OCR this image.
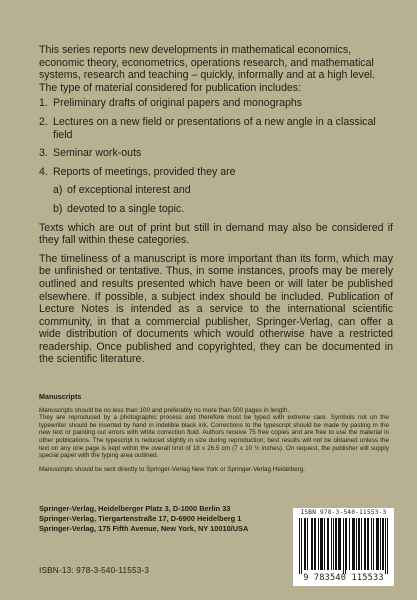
This series reports new developments in mathematical economics, economic theory, econometrics, operations research, and mathematical systems, research and teaching – quickly, informally and at a high level. The type of material considered for publication includes:

1. Preliminary drafts of original papers and monographs
2. Lectures on a new field or presentations of a new angle in a classical field
3. Seminar work-outs
4. Reports of meetings, provided they are
a) of exceptional interest and
b) devoted to a single topic.

Texts which are out of print but still in demand may also be considered if they fall within these categories.

The timeliness of a manuscript is more important than its form, which may be unfinished or tentative. Thus, in some instances, proofs may be merely outlined and results presented which have been or will later be published elsewhere. If possible, a subject index should be included. Publication of Lecture Notes is intended as a service to the international scientific community, in that a commercial publisher, Springer-Verlag, can offer a wide distribution of documents which would otherwise have a restricted readership. Once published and copyrighted, they can be documented in the scientific literature.

Manuscripts

Manuscripts should be no less than 100 and preferably no more than 500 pages in length.

They are reproduced by a photographic process and therefore must be typed with extreme care. Symbols not on the typewriter should be inserted by hand in indelible black ink. Corrections to the typescript should be made by pasting in the new text or painting out errors with white correction fluid. Authors receive 75 free copies and are free to use the material in other publications. The typescript is reduced slightly in size during reproduction; best results will not be obtained unless the text on any one page is kept within the overall limit of 18 x 26.5 cm (7 x 10 ½ inches). On request, the publisher will supply special paper with the typing area outlined.

Manuscripts should be sent directly to Springer-Verlag New York or Springer-Verlag Heidelberg.

Springer-Verlag, Heidelberger Platz 3, D-1000 Berlin 33
Springer-Verlag, Tiergartenstraße 17, D-6900 Heidelberg 1
Springer-Verlag, 175 Fifth Avenue, New York, NY 10010/USA
ISBN-13: 978-3-540-11553-3
ISBN 978-3-540-11553-3
9 783540 115533
